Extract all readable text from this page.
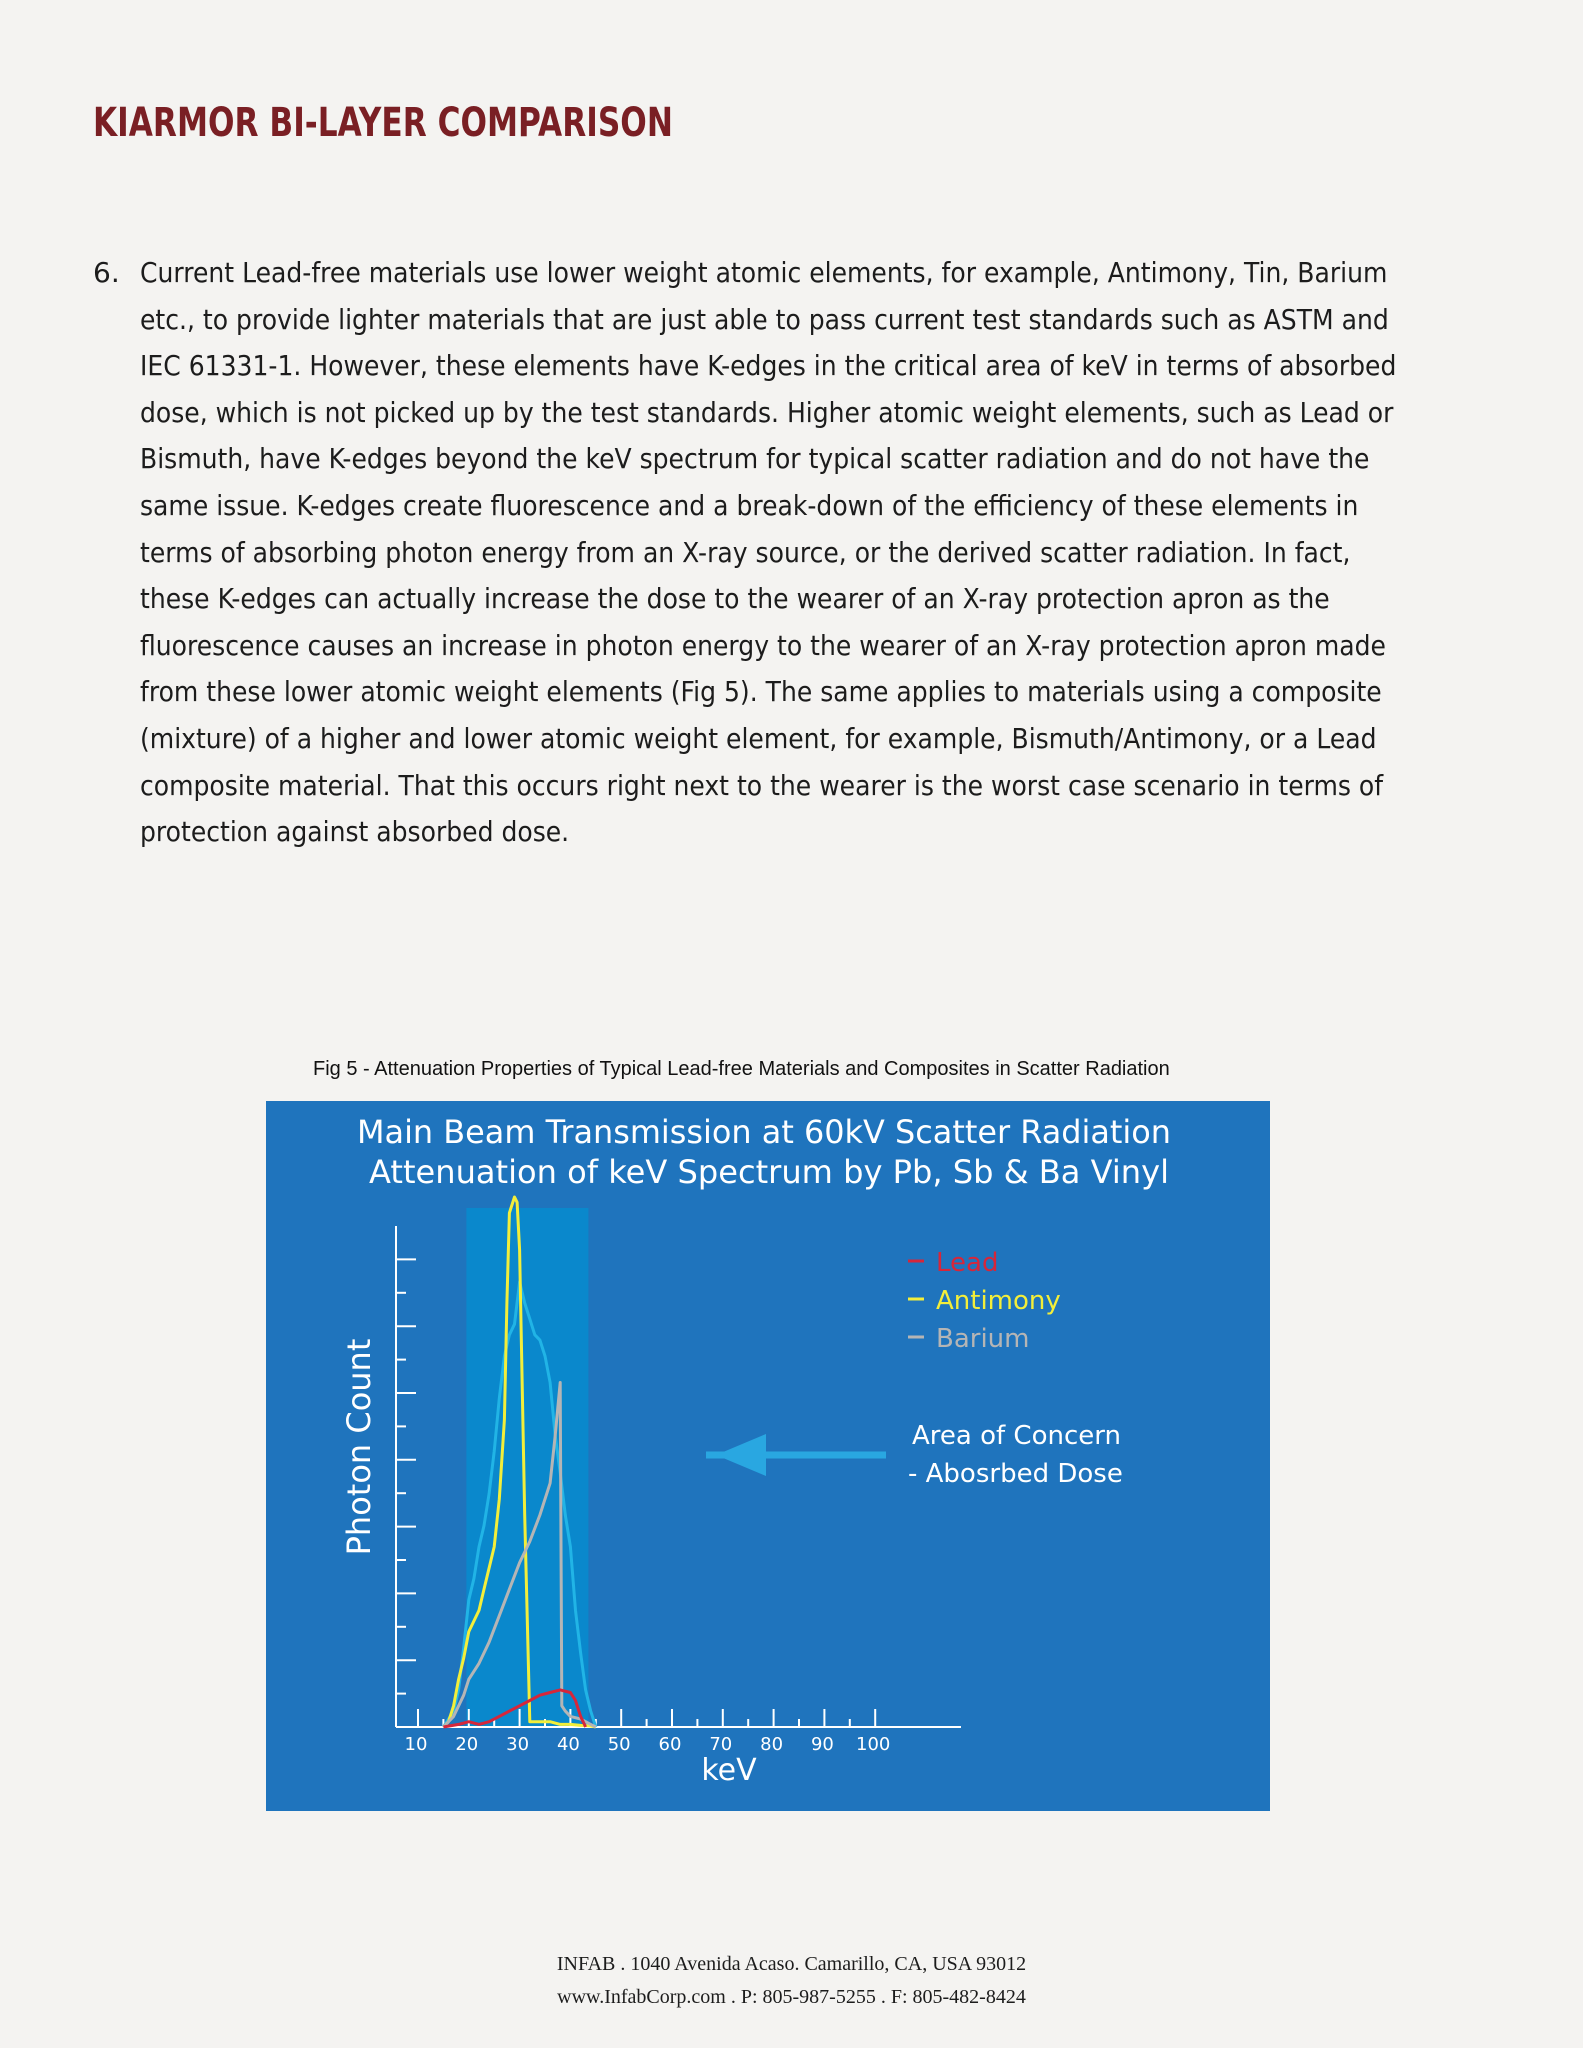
KIARMOR BI-LAYER COMPARISON
6. Current Lead-free materials use lower weight atomic elements, for example, Antimony, Tin, Barium
etc., to provide lighter materials that are just able to pass current test standards such as ASTM and
IEC 61331-1. However, these elements have K-edges in the critical area of keV in terms of absorbed
dose, which is not picked up by the test standards. Higher atomic weight elements, such as Lead or
Bismuth, have K-edges beyond the keV spectrum for typical scatter radiation and do not have the
same issue. K-edges create fluorescence and a break-down of the efficiency of these elements in
terms of absorbing photon energy from an X-ray source, or the derived scatter radiation. In fact,
these K-edges can actually increase the dose to the wearer of an X-ray protection apron as the
fluorescence causes an increase in photon energy to the wearer of an X-ray protection apron made
from these lower atomic weight elements (Fig 5). The same applies to materials using a composite
(mixture) of a higher and lower atomic weight element, for example, Bismuth/Antimony, or a Lead
composite material. That this occurs right next to the wearer is the worst case scenario in terms of
protection against absorbed dose.
Fig 5 - Attenuation Properties of Typical Lead-free Materials and Composites in Scatter Radiation
Main Beam Transmission at 60kV Scatter Radiation
Attenuation of keV Spectrum by Pb, Sb & Ba Vinyl
10 20 30 40 50 60 70 80 90 100
keV
Photon Count
Lead
Antimony
Barium
Area of Concern
- Abosrbed Dose
INFAB . 1040 Avenida Acaso. Camarillo, CA, USA 93012
www.InfabCorp.com . P: 805-987-5255 . F: 805-482-8424
